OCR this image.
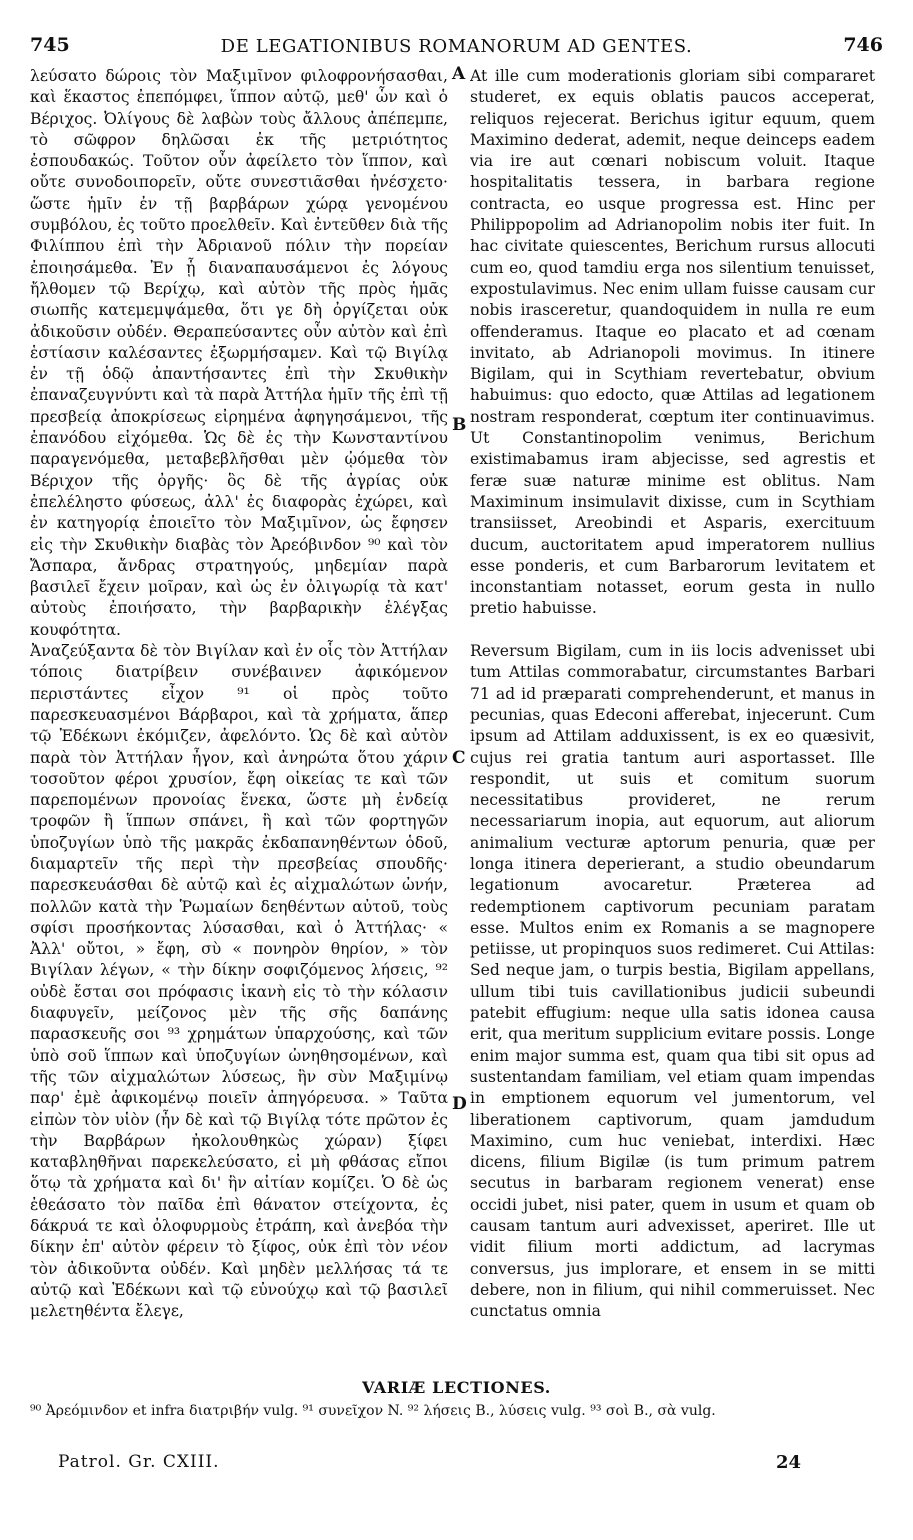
745	DE LEGATIONIBUS ROMANORUM AD GENTES.	746
λεύσατο δώροις τὸν Μαξιμῖνον φιλοφρονήσασθαι, καὶ ἕκαστος ἐπεπόμφει, ἵππον αὐτῷ, μεθ' ὧν καὶ ὁ Βέριχος. Ὀλίγους δὲ λαβὼν τοὺς ἄλλους ἀπέπεμπε, τὸ σῶφρον δηλῶσαι ἐκ τῆς μετριότητος ἐσπουδακώς. Τοῦτον οὖν ἀφείλετο τὸν ἵππον, καὶ οὔτε συνοδοιπορεῖν, οὔτε συνεστιᾶσθαι ἠνέσχετο· ὥστε ἡμῖν ἐν τῇ βαρβάρων χώρᾳ γενομένου συμβόλου, ἐς τοῦτο προελθεῖν. Καὶ ἐντεῦθεν διὰ τῆς Φιλίππου ἐπὶ τὴν Ἀδριανοῦ πόλιν τὴν πορείαν ἐποιησάμεθα. Ἐν ᾗ διαναπαυσάμενοι ἐς λόγους ἤλθομεν τῷ Βερίχῳ, καὶ αὐτὸν τῆς πρὸς ἡμᾶς σιωπῆς κατεμεμψάμεθα, ὅτι γε δὴ ὀργίζεται οὐκ ἀδικοῦσιν οὐδέν. Θεραπεύσαντες οὖν αὐτὸν καὶ ἐπὶ ἑστίασιν καλέσαντες ἐξωρμήσαμεν. Καὶ τῷ Βιγίλᾳ ἐν τῇ ὁδῷ ἀπαντήσαντες ἐπὶ τὴν Σκυθικὴν ἐπαναζευγνύντι καὶ τὰ παρὰ Ἀττήλα ἡμῖν τῆς ἐπὶ τῇ πρεσβείᾳ ἀποκρίσεως εἰρημένα ἀφηγησάμενοι, τῆς ἐπανόδου εἰχόμεθα. Ὡς δὲ ἐς τὴν Κωνσταντίνου παραγενόμεθα, μεταβεβλῆσθαι μὲν ᾠόμεθα τὸν Βέριχον τῆς ὀργῆς· ὃς δὲ τῆς ἀγρίας οὐκ ἐπελέληστο φύσεως, ἀλλ' ἐς διαφορὰς ἐχώρει, καὶ ἐν κατηγορίᾳ ἐποιεῖτο τὸν Μαξιμῖνον, ὡς ἔφησεν εἰς τὴν Σκυθικὴν διαβὰς τὸν Ἀρεόβινδον ⁹⁰ καὶ τὸν Ἄσπαρα, ἄνδρας στρατηγούς, μηδεμίαν παρὰ βασιλεῖ ἔχειν μοῖραν, καὶ ὡς ἐν ὀλιγωρίᾳ τὰ κατ' αὐτοὺς ἐποιήσατο, τὴν βαρβαρικὴν ἐλέγξας κουφότητα.
Ἀναζεύξαντα δὲ τὸν Βιγίλαν καὶ ἐν οἷς τὸν Ἀττήλαν τόποις διατρίβειν συνέβαινεν ἀφικόμενον περιστάντες εἶχον ⁹¹ οἱ πρὸς τοῦτο παρεσκευασμένοι Βάρβαροι, καὶ τὰ χρήματα, ἅπερ τῷ Ἐδέκωνι ἐκόμιζεν, ἀφελόντο. Ὡς δὲ καὶ αὐτὸν παρὰ τὸν Ἀττήλαν ἦγον, καὶ ἀνηρώτα ὅτου χάριν τοσοῦτον φέροι χρυσίον, ἔφη οἰκείας τε καὶ τῶν παρεπομένων προνοίας ἕνεκα, ὥστε μὴ ἐνδείᾳ τροφῶν ἢ ἵππων σπάνει, ἢ καὶ τῶν φορτηγῶν ὑποζυγίων ὑπὸ τῆς μακρᾶς ἐκδαπανηθέντων ὁδοῦ, διαμαρτεῖν τῆς περὶ τὴν πρεσβείας σπουδῆς· παρεσκευάσθαι δὲ αὐτῷ καὶ ἐς αἰχμαλώτων ὠνήν, πολλῶν κατὰ τὴν Ῥωμαίων δεηθέντων αὐτοῦ, τοὺς σφίσι προσήκοντας λύσασθαι, καὶ ὁ Ἀττήλας· « Ἀλλ' οὔτοι, » ἔφη, σὺ « πονηρὸν θηρίον, » τὸν Βιγίλαν λέγων, « τὴν δίκην σοφιζόμενος λήσεις, ⁹² οὐδὲ ἔσται σοι πρόφασις ἱκανὴ εἰς τὸ τὴν κόλασιν διαφυγεῖν, μείζονος μὲν τῆς σῆς δαπάνης παρασκευῆς σοι ⁹³ χρημάτων ὑπαρχούσης, καὶ τῶν ὑπὸ σοῦ ἵππων καὶ ὑποζυγίων ὠνηθησομένων, καὶ τῆς τῶν αἰχμαλώτων λύσεως, ἣν σὺν Μαξιμίνῳ παρ' ἐμὲ ἀφικομένῳ ποιεῖν ἀπηγόρευσα. » Ταῦτα εἰπὼν τὸν υἱὸν (ἦν δὲ καὶ τῷ Βιγίλᾳ τότε πρῶτον ἐς τὴν Βαρβάρων ἠκολουθηκὼς χώραν) ξίφει καταβληθῆναι παρεκελεύσατο, εἰ μὴ φθάσας εἴποι ὅτῳ τὰ χρήματα καὶ δι' ἣν αἰτίαν κομίζει. Ὁ δὲ ὡς ἐθεάσατο τὸν παῖδα ἐπὶ θάνατον στείχοντα, ἐς δάκρυά τε καὶ ὀλοφυρμοὺς ἐτράπη, καὶ ἀνεβόα τὴν δίκην ἐπ' αὐτὸν φέρειν τὸ ξίφος, οὐκ ἐπὶ τὸν νέον τὸν ἀδικοῦντα οὐδέν. Καὶ μηδὲν μελλήσας τά τε αὐτῷ καὶ Ἐδέκωνι καὶ τῷ εὐνούχῳ καὶ τῷ βασιλεῖ μελετηθέντα ἔλεγε,
A
B
C
D
At ille cum moderationis gloriam sibi compararet studeret, ex equis oblatis paucos acceperat, reliquos rejecerat. Berichus igitur equum, quem Maximino dederat, ademit, neque deinceps eadem via ire aut cœnari nobiscum voluit. Itaque hospitalitatis tessera, in barbara regione contracta, eo usque progressa est. Hinc per Philippopolim ad Adrianopolim nobis iter fuit. In hac civitate quiescentes, Berichum rursus allocuti cum eo, quod tamdiu erga nos silentium tenuisset, expostulavimus. Nec enim ullam fuisse causam cur nobis irasceretur, quandoquidem in nulla re eum offenderamus. Itaque eo placato et ad cœnam invitato, ab Adrianopoli movimus. In itinere Bigilam, qui in Scythiam revertebatur, obvium habuimus: quo edocto, quæ Attilas ad legationem nostram responderat, cœptum iter continuavimus. Ut Constantinopolim venimus, Berichum existimabamus iram abjecisse, sed agrestis et feræ suæ naturæ minime est oblitus. Nam Maximinum insimulavit dixisse, cum in Scythiam transiisset, Areobindi et Asparis, exercituum ducum, auctoritatem apud imperatorem nullius esse ponderis, et cum Barbarorum levitatem et inconstantiam notasset, eorum gesta in nullo pretio habuisse.

Reversum Bigilam, cum in iis locis advenisset ubi tum Attilas commorabatur, circumstantes Barbari 71 ad id præparati comprehenderunt, et manus in pecunias, quas Edeconi afferebat, injecerunt. Cum ipsum ad Attilam adduxissent, is ex eo quæsivit, cujus rei gratia tantum auri asportasset. Ille respondit, ut suis et comitum suorum necessitatibus provideret, ne rerum necessariarum inopia, aut equorum, aut aliorum animalium vecturæ aptorum penuria, quæ per longa itinera deperierant, a studio obeundarum legationum avocaretur. Præterea ad redemptionem captivorum pecuniam paratam esse. Multos enim ex Romanis a se magnopere petiisse, ut propinquos suos redimeret. Cui Attilas: Sed neque jam, o turpis bestia, Bigilam appellans, ullum tibi tuis cavillationibus judicii subeundi patebit effugium: neque ulla satis idonea causa erit, qua meritum supplicium evitare possis. Longe enim major summa est, quam qua tibi sit opus ad sustentandam familiam, vel etiam quam impendas in emptionem equorum vel jumentorum, vel liberationem captivorum, quam jamdudum Maximino, cum huc veniebat, interdixi. Hæc dicens, filium Bigilæ (is tum primum patrem secutus in barbaram regionem venerat) ense occidi jubet, nisi pater, quem in usum et quam ob causam tantum auri advexisset, aperiret. Ille ut vidit filium morti addictum, ad lacrymas conversus, jus implorare, et ensem in se mitti debere, non in filium, qui nihil commeruisset. Nec cunctatus omnia
VARIÆ LECTIONES.
⁹⁰ Ἀρεόμινδον et infra διατριβήν vulg. ⁹¹ συνεῖχον N. ⁹² λήσεις B., λύσεις vulg. ⁹³ σοὶ B., σὰ vulg.
Patrol. Gr. CXIII.	24
